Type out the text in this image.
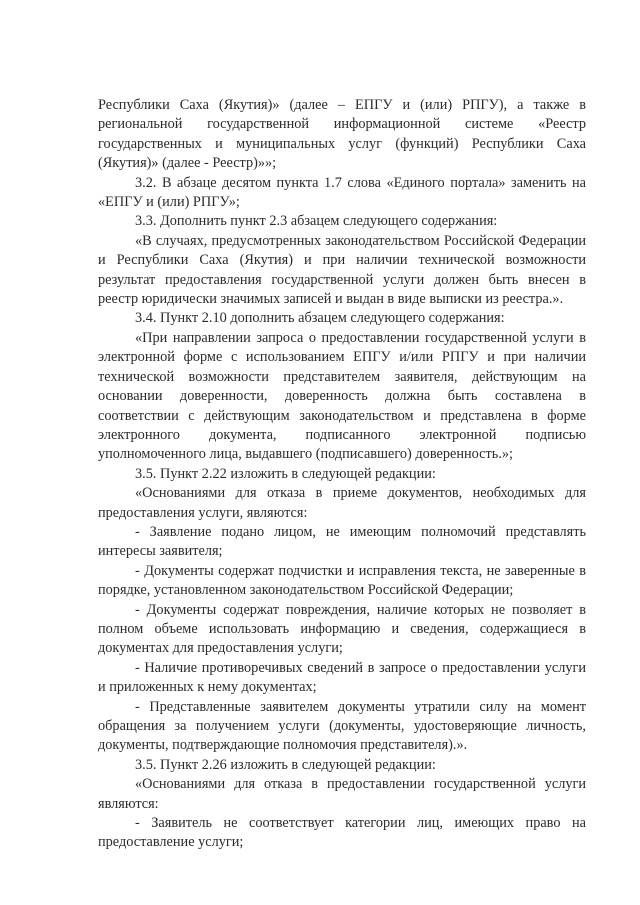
Республики Саха (Якутия)» (далее – ЕПГУ и (или) РПГУ), а также в региональной государственной информационной системе «Реестр государственных и муниципальных услуг (функций) Республики Саха (Якутия)» (далее - Реестр)»»;

3.2. В абзаце десятом пункта 1.7 слова «Единого портала» заменить на «ЕПГУ и (или) РПГУ»;

3.3. Дополнить пункт 2.3 абзацем следующего содержания:

«В случаях, предусмотренных законодательством Российской Федерации и Республики Саха (Якутия) и при наличии технической возможности результат предоставления государственной услуги должен быть внесен в реестр юридически значимых записей и выдан в виде выписки из реестра.».

3.4. Пункт 2.10 дополнить абзацем следующего содержания:

«При направлении запроса о предоставлении государственной услуги в электронной форме с использованием ЕПГУ и/или РПГУ и при наличии технической возможности представителем заявителя, действующим на основании доверенности, доверенность должна быть составлена в соответствии с действующим законодательством и представлена в форме электронного документа, подписанного электронной подписью уполномоченного лица, выдавшего (подписавшего) доверенность.»;

3.5. Пункт 2.22 изложить в следующей редакции:

«Основаниями для отказа в приеме документов, необходимых для предоставления услуги, являются:

- Заявление подано лицом, не имеющим полномочий представлять интересы заявителя;

- Документы содержат подчистки и исправления текста, не заверенные в порядке, установленном законодательством Российской Федерации;

- Документы содержат повреждения, наличие которых не позволяет в полном объеме использовать информацию и сведения, содержащиеся в документах для предоставления услуги;

- Наличие противоречивых сведений в запросе о предоставлении услуги и приложенных к нему документах;

- Представленные заявителем документы утратили силу на момент обращения за получением услуги (документы, удостоверяющие личность, документы, подтверждающие полномочия представителя).».

3.5. Пункт 2.26 изложить в следующей редакции:

«Основаниями для отказа в предоставлении государственной услуги являются:

- Заявитель не соответствует категории лиц, имеющих право на предоставление услуги;
